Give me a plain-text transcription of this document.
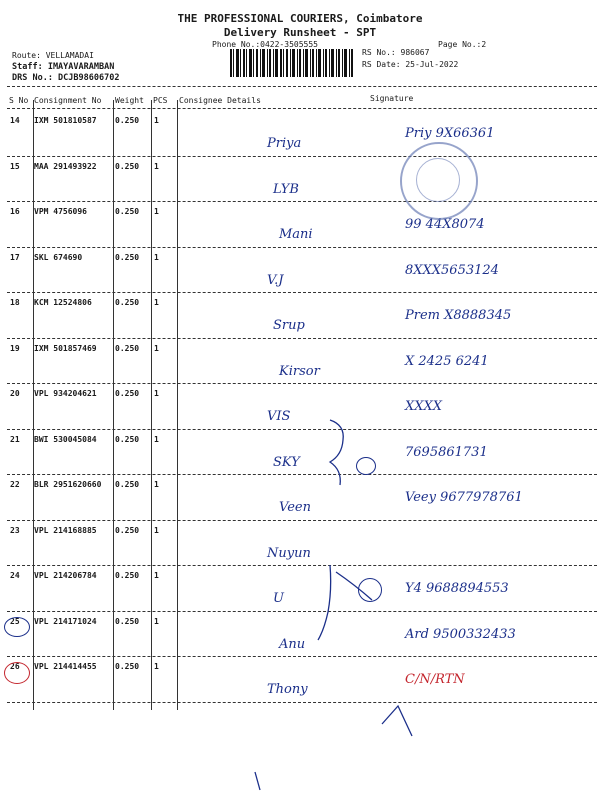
THE PROFESSIONAL COURIERS, Coimbatore
Delivery Runsheet - SPT
Phone No.:0422-3505555	Page No.:2
Route: VELLAMADAI
Staff: IMAYAVARAMBAN
DRS No.: DCJB98606702
RS No.: 986067
RS Date: 25-Jul-2022
S No Consignment No Weight PCS Consignee Details	Signature
14 IXM 501810587 0.250 1
Priya
Priy 9X66361
15 MAA 291493922 0.250 1
LYB
16 VPM 4756096	0.250 1
Mani
99 44X8074
17 SKL 674690	0.250 1
V.J
8XXX5653124
18 KCM 12524806	0.250 1
Srup
Prem X8888345
19 IXM 501857469 0.250 1
Kirsor
X 2425 6241
20 VPL 934204621 0.250 1
VIS
XXXX
21 BWI 530045084 0.250 1
SKY
7695861731
22 BLR 2951620660 0.250 1
Veen
Veey 9677978761
23 VPL 214168885 0.250 1
Nuyun
24 VPL 214206784 0.250 1
U
Y4 9688894553
25 VPL 214171024 0.250 1
Anu
Ard 9500332433
26 VPL 214414455 0.250 1
Thony
C/N/RTN
